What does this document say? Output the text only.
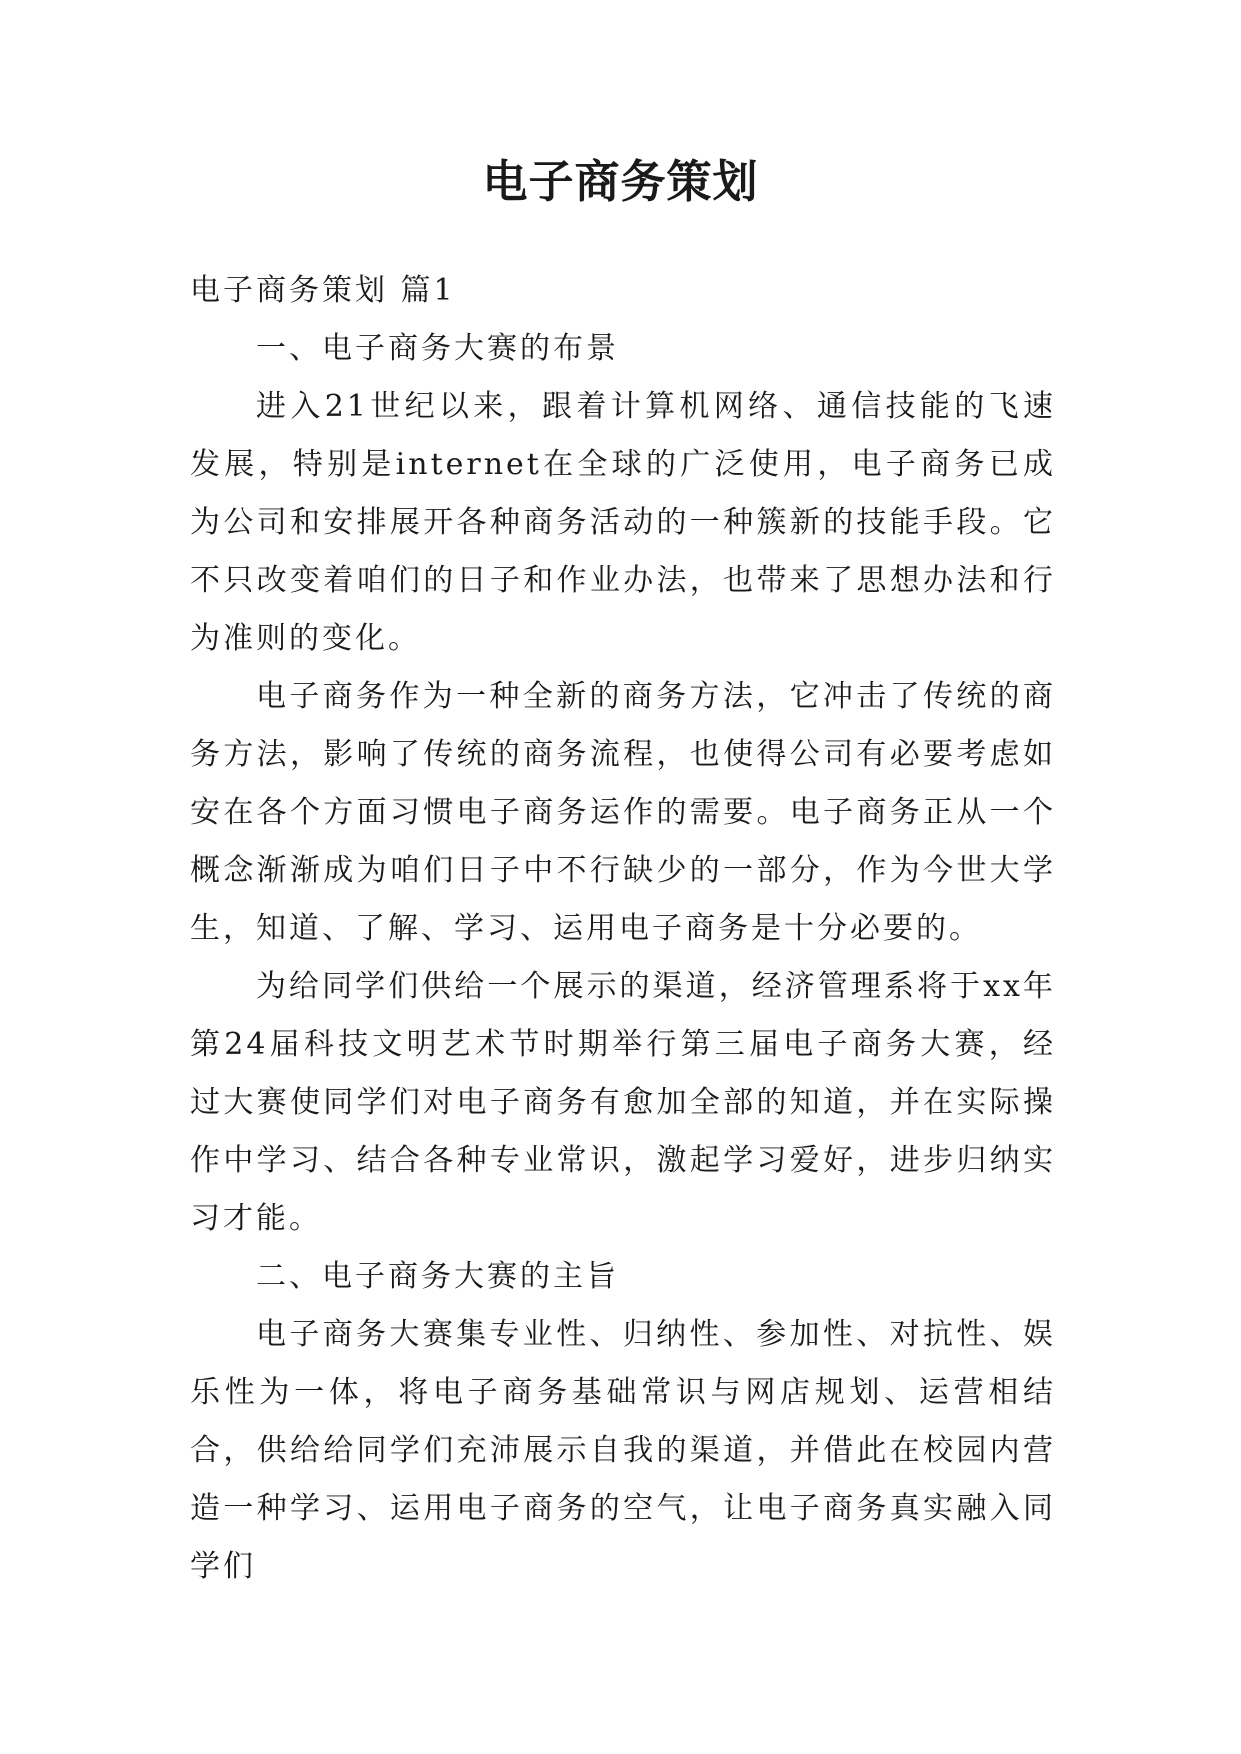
电子商务策划

电子商务策划 篇1

一、电子商务大赛的布景

进入21世纪以来，跟着计算机网络、通信技能的飞速发展，特别是internet在全球的广泛使用，电子商务已成为公司和安排展开各种商务活动的一种簇新的技能手段。它不只改变着咱们的日子和作业办法，也带来了思想办法和行为准则的变化。

电子商务作为一种全新的商务方法，它冲击了传统的商务方法，影响了传统的商务流程，也使得公司有必要考虑如安在各个方面习惯电子商务运作的需要。电子商务正从一个概念渐渐成为咱们日子中不行缺少的一部分，作为今世大学生，知道、了解、学习、运用电子商务是十分必要的。

为给同学们供给一个展示的渠道，经济管理系将于xx年第24届科技文明艺术节时期举行第三届电子商务大赛，经过大赛使同学们对电子商务有愈加全部的知道，并在实际操作中学习、结合各种专业常识，激起学习爱好，进步归纳实习才能。

二、电子商务大赛的主旨

电子商务大赛集专业性、归纳性、参加性、对抗性、娱乐性为一体，将电子商务基础常识与网店规划、运营相结合，供给给同学们充沛展示自我的渠道，并借此在校园内营造一种学习、运用电子商务的空气，让电子商务真实融入同学们
